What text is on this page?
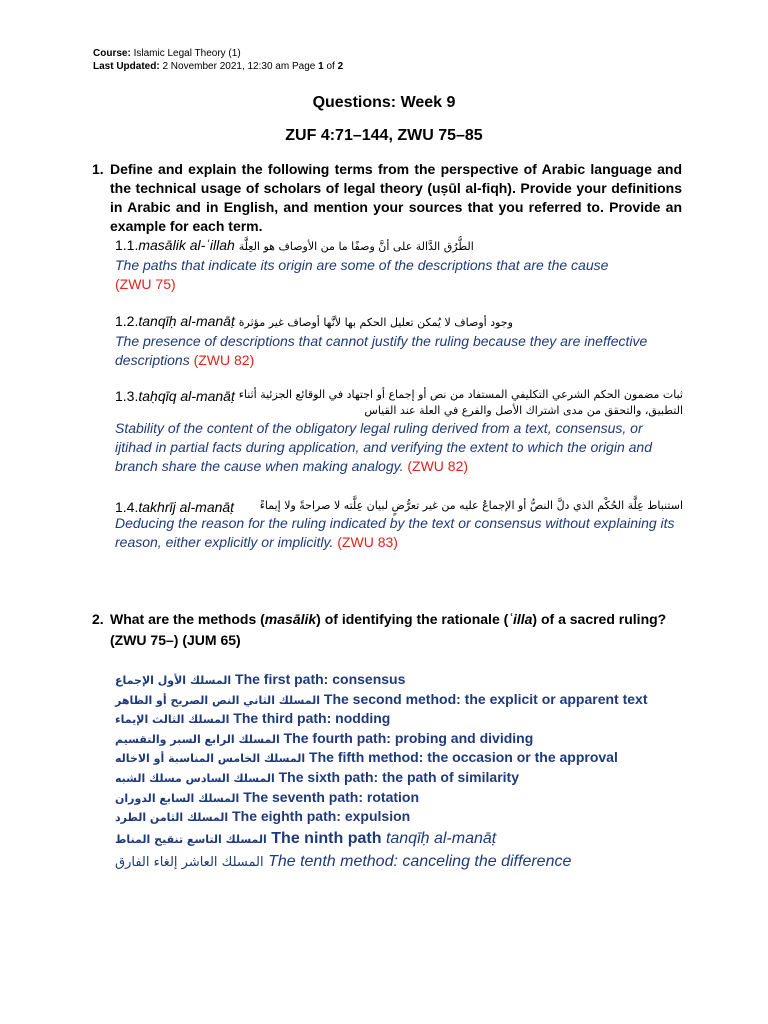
Course: Islamic Legal Theory (1)
Last Updated: 2 November 2021, 12:30 am Page 1 of 2
Questions: Week 9
ZUF 4:71–144, ZWU 75–85
1. Define and explain the following terms from the perspective of Arabic language and the technical usage of scholars of legal theory (uṣūl al-fiqh). Provide your definitions in Arabic and in English, and mention your sources that you referred to. Provide an example for each term.
1.1.masālik al-ʿillah الطُّرُق الدَّالة على أنَّ وصفًا ما من الأوصاف هو العِلَّة
The paths that indicate its origin are some of the descriptions that are the cause
(ZWU 75)
1.2.tanqīḥ al-manāṭ وجود أوصاف لا يُمكن تعليل الحكم بها لأنَّها أوصاف غير مؤثرة
The presence of descriptions that cannot justify the ruling because they are ineffective descriptions (ZWU 82)
1.3.taḥqīq al-manāṭ ثبات مضمون الحكم الشرعي التكليفي المستفاد من نص أو إجماع أو اجتهاد في الوقائع الجزئية أثناء التطبيق، والتحقق من مدى اشتراك الأصل والفرع في العلة عند القياس
Stability of the content of the obligatory legal ruling derived from a text, consensus, or ijtihad in partial facts during application, and verifying the extent to which the origin and branch share the cause when making analogy. (ZWU 82)
1.4.takhrīj al-manāṭ	استنباط عِلَّة الحُكْم الذي دلَّ النصُّ أو الإجماعُ عليه من غير تعرُّضٍ لبيان عِلَّته لا صراحةً ولا إيماءً
Deducing the reason for the ruling indicated by the text or consensus without explaining its reason, either explicitly or implicitly. (ZWU 83)
2. What are the methods (masālik) of identifying the rationale (ʿilla) of a sacred ruling? (ZWU 75–) (JUM 65)
المسلك الأول الإجماع The first path: consensus
المسلك الثاني النص الصريح أو الظاهر The second method: the explicit or apparent text
المسلك الثالث الإيماء The third path: nodding
المسلك الرابع السبر والتقسيم The fourth path: probing and dividing
المسلك الخامس المناسبة أو الاخاله The fifth method: the occasion or the approval
المسلك السادس مسلك الشبه The sixth path: the path of similarity
المسلك السابع الدوران The seventh path: rotation
المسلك الثامن الطرد The eighth path: expulsion
المسلك التاسع تنقيح المناط The ninth path tanqīḥ al-manāṭ
المسلك العاشر إلغاء الفارق The tenth method: canceling the difference
